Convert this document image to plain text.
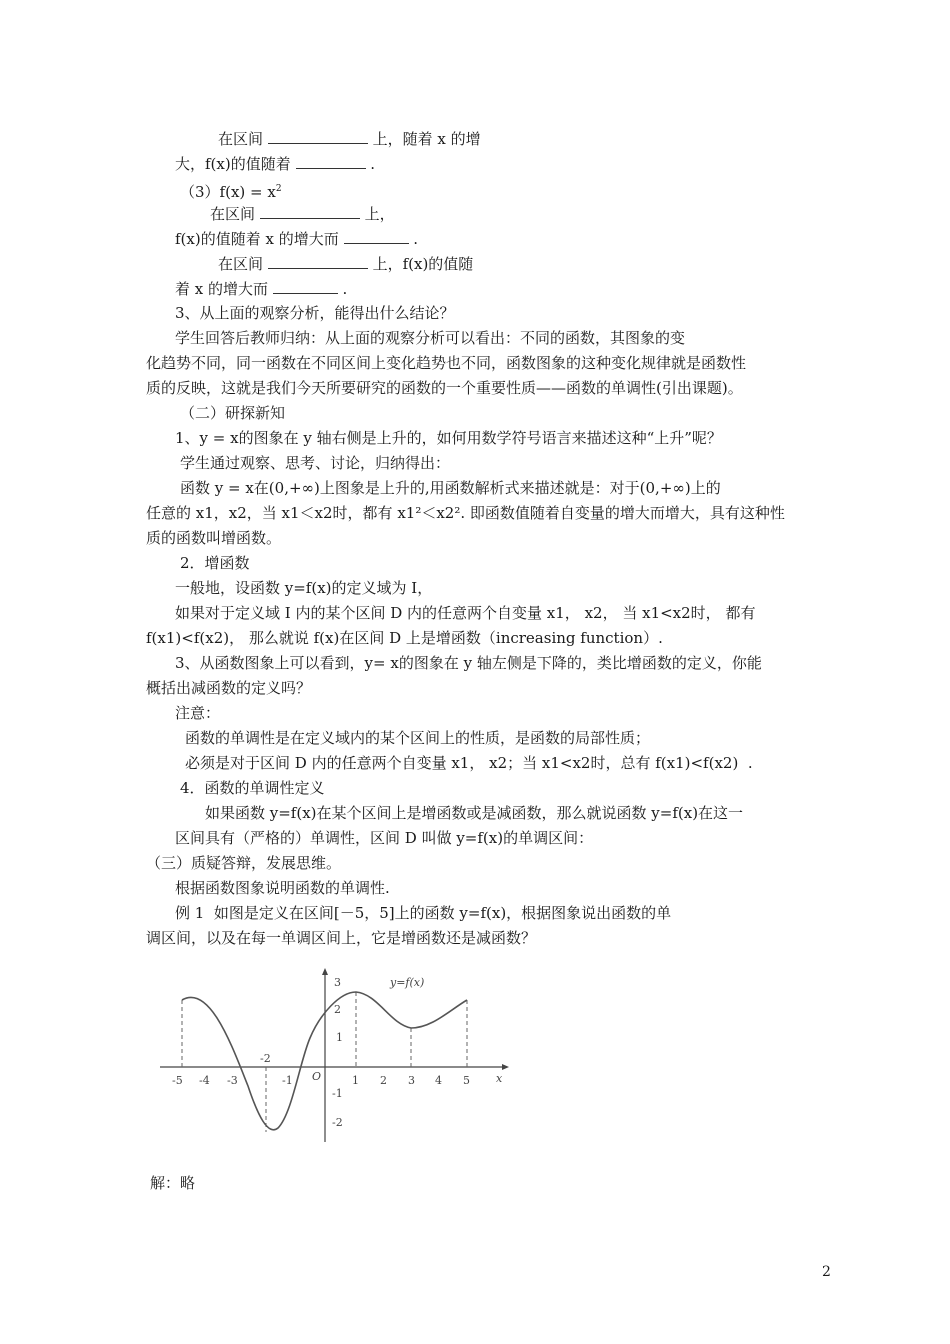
在区间	上，随着 x 的增
大，f(x)的值随着	.
$(3)f(x) = x^2$
在区间	上，
f(x)的值随着 x 的增大而	.
在区间	上，f(x)的值随
着 x 的增大而	.
3、从上面的观察分析，能得出什么结论？
学生回答后教师归纳：从上面的观察分析可以看出：不同的函数，其图象的变
化趋势不同，同一函数在不同区间上变化趋势也不同，函数图象的这种变化规律就是函数性
质的反映，这就是我们今天所要研究的函数的一个重要性质——函数的单调性(引出课题)。
（二）研探新知
1、y = x的图象在 y 轴右侧是上升的，如何用数学符号语言来描述这种“上升”呢？
学生通过观察、思考、讨论，归纳得出：
函数 y = x在(0,+∞)上图象是上升的,用函数解析式来描述就是：对于(0,+∞)上的
任意的 x1，x2，当 x1＜x2时，都有 x1²＜x2². 即函数值随着自变量的增大而增大，具有这种性
质的函数叫增函数。
2．增函数
一般地，设函数 y=f(x)的定义域为 I，
如果对于定义域 I 内的某个区间 D 内的任意两个自变量 x1， x2， 当 x1<x2时， 都有
f(x1)<f(x2)， 那么就说 f(x)在区间 D 上是增函数（increasing function）.
3、从函数图象上可以看到，y= x的图象在 y 轴左侧是下降的，类比增函数的定义，你能
概括出减函数的定义吗？
注意：
函数的单调性是在定义域内的某个区间上的性质，是函数的局部性质；
必须是对于区间 D 内的任意两个自变量 x1， x2；当 x1<x2时，总有 f(x1)<f(x2)  .
4．函数的单调性定义
如果函数 y=f(x)在某个区间上是增函数或是减函数，那么就说函数 y=f(x)在这一
区间具有（严格的）单调性，区间 D 叫做 y=f(x)的单调区间：
（三）质疑答辩，发展思维。
根据函数图象说明函数的单调性.
例 1  如图是定义在区间[－5，5]上的函数 y=f(x)，根据图象说出函数的单
调区间，以及在每一单调区间上，它是增函数还是减函数？
-5 -4 -3
-2
-1 O	1 2 3 4 5 x
3
2
1
-1
-2
y=f(x)
解：略
2
